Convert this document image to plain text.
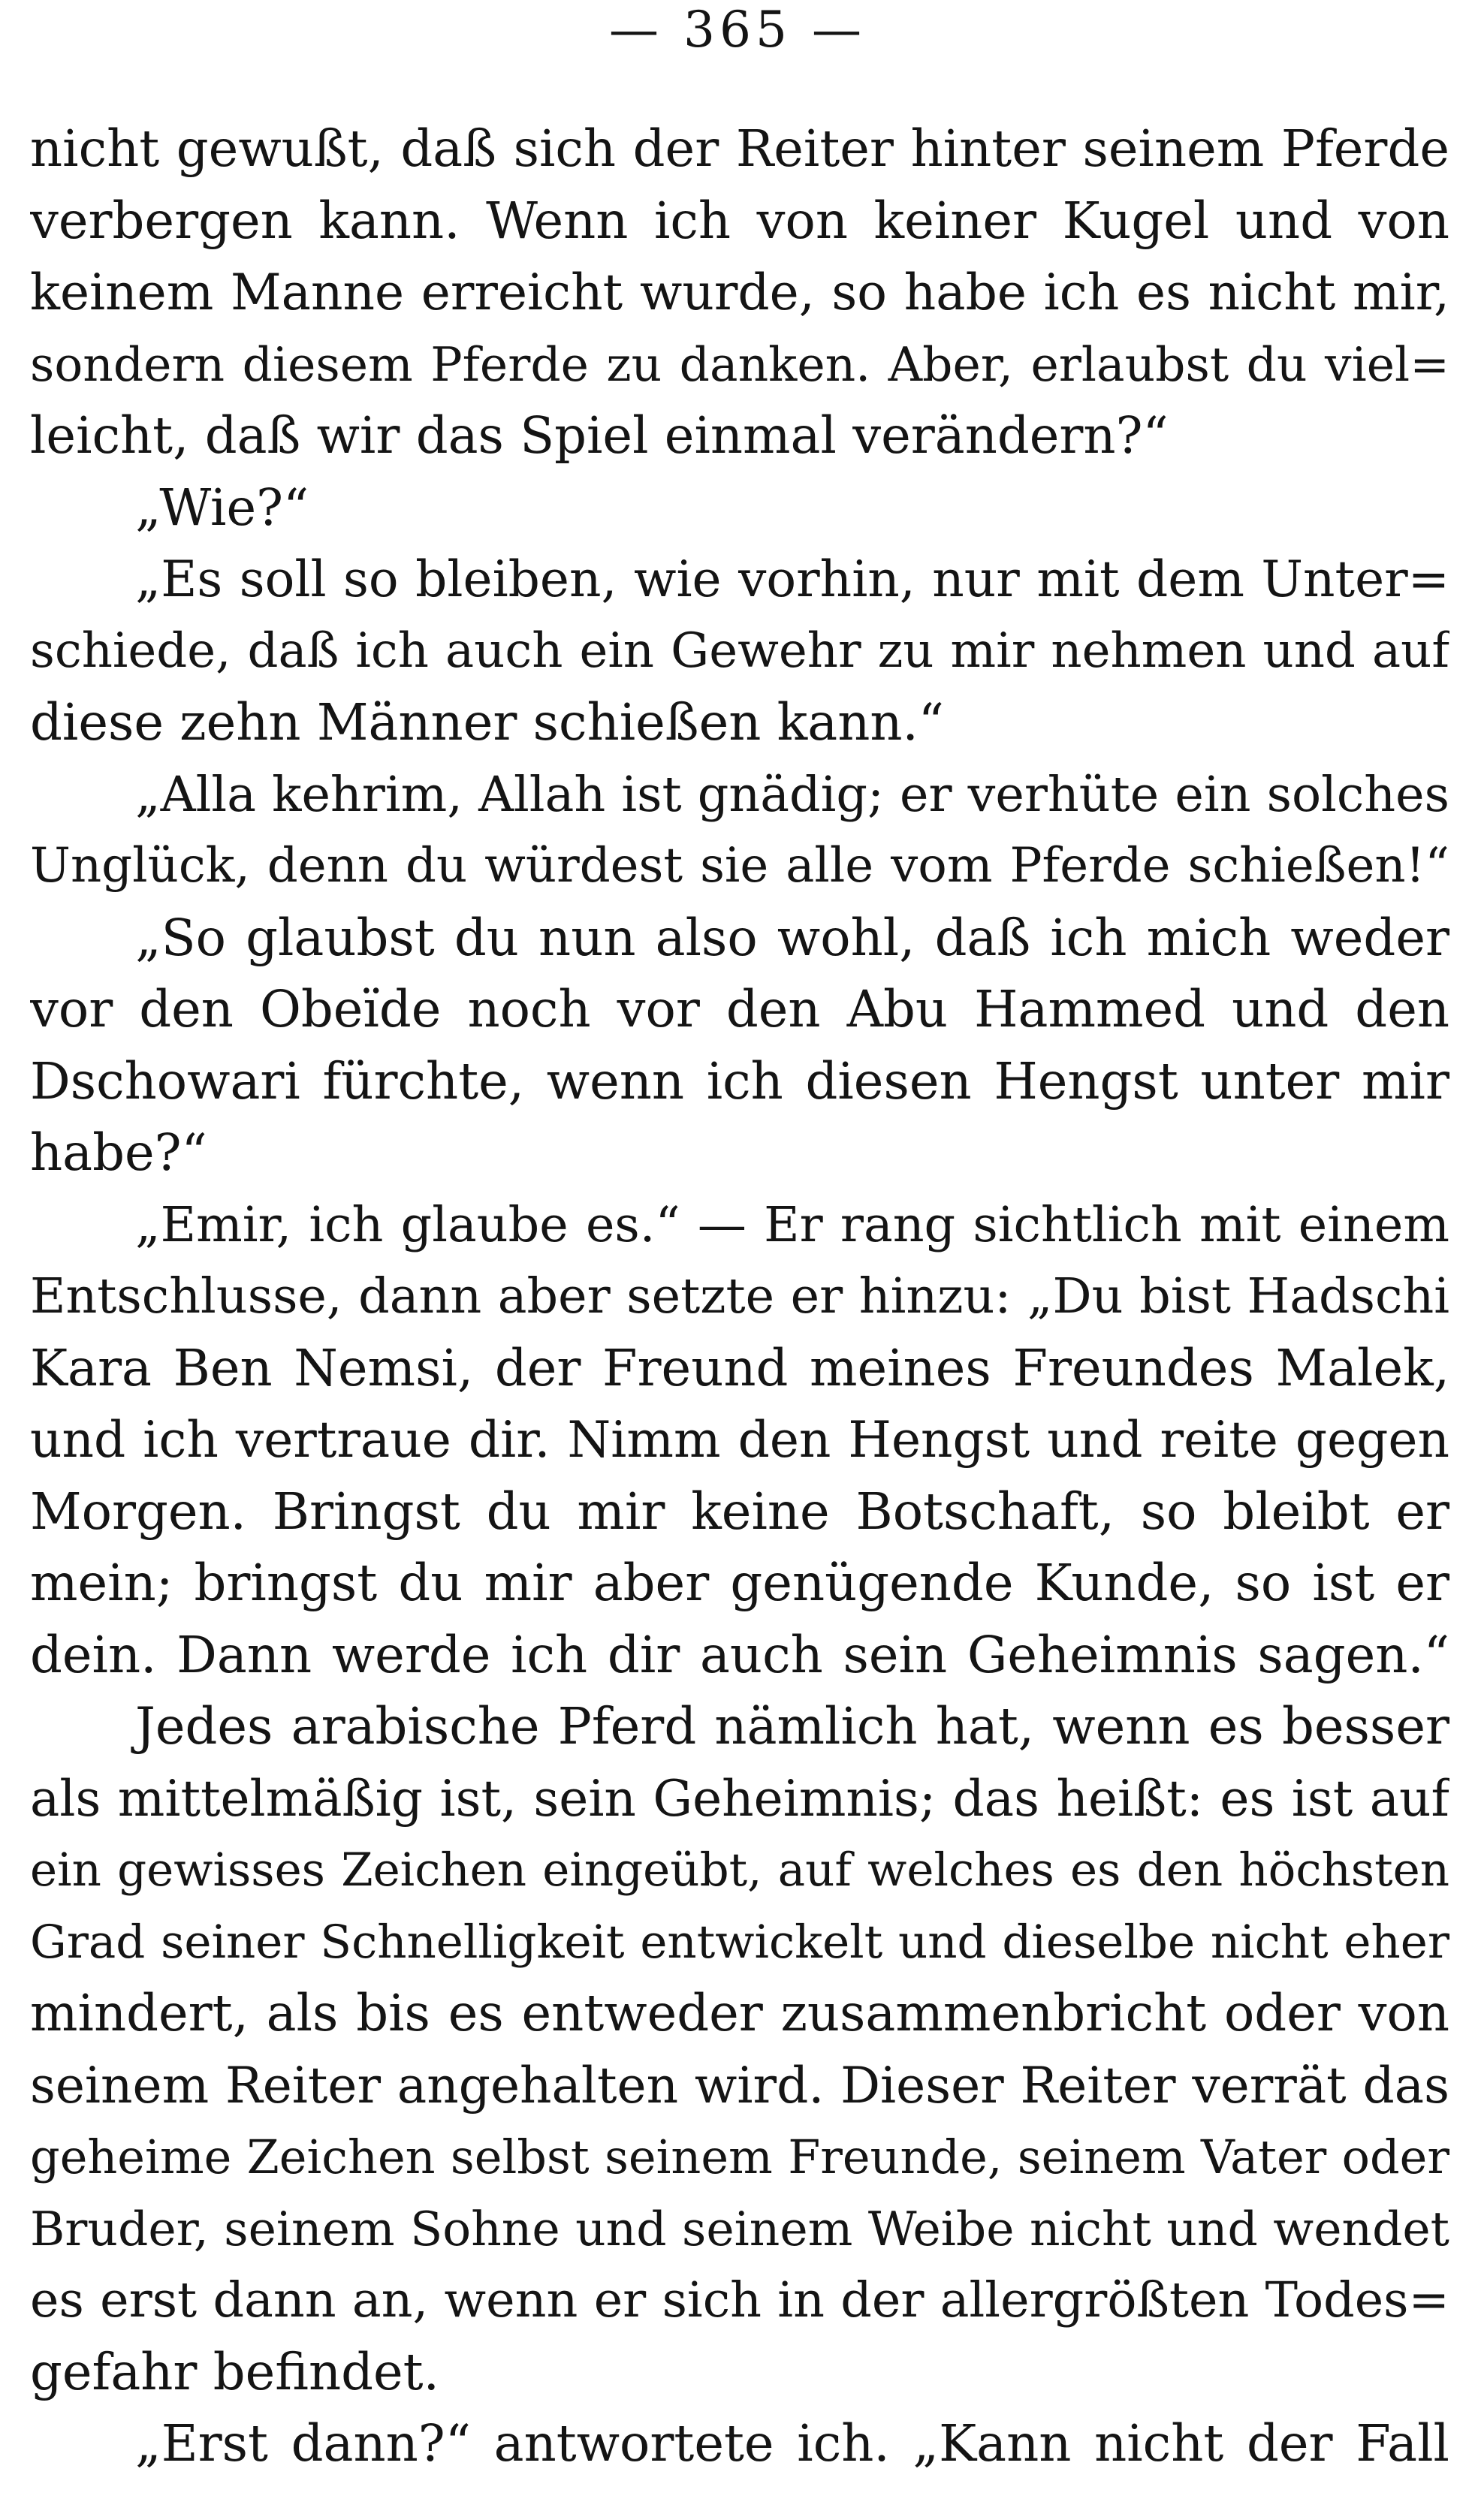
— 365 —
nicht gewußt, daß sich der Reiter hinter seinem Pferde
verbergen kann. Wenn ich von keiner Kugel und von
keinem Manne erreicht wurde, so habe ich es nicht mir,
sondern diesem Pferde zu danken. Aber, erlaubst du viel=
leicht, daß wir das Spiel einmal verändern?“
„Wie?“
„Es soll so bleiben, wie vorhin, nur mit dem Unter=
schiede, daß ich auch ein Gewehr zu mir nehmen und auf
diese zehn Männer schießen kann.“
„Alla kehrim, Allah ist gnädig; er verhüte ein solches
Unglück, denn du würdest sie alle vom Pferde schießen!“
„So glaubst du nun also wohl, daß ich mich weder
vor den Obeïde noch vor den Abu Hammed und den
Dschowari fürchte, wenn ich diesen Hengst unter mir
habe?“
„Emir, ich glaube es.“ — Er rang sichtlich mit einem
Entschlusse, dann aber setzte er hinzu: „Du bist Hadschi
Kara Ben Nemsi, der Freund meines Freundes Malek,
und ich vertraue dir. Nimm den Hengst und reite gegen
Morgen. Bringst du mir keine Botschaft, so bleibt er
mein; bringst du mir aber genügende Kunde, so ist er
dein. Dann werde ich dir auch sein Geheimnis sagen.“
Jedes arabische Pferd nämlich hat, wenn es besser
als mittelmäßig ist, sein Geheimnis; das heißt: es ist auf
ein gewisses Zeichen eingeübt, auf welches es den höchsten
Grad seiner Schnelligkeit entwickelt und dieselbe nicht eher
mindert, als bis es entweder zusammenbricht oder von
seinem Reiter angehalten wird. Dieser Reiter verrät das
geheime Zeichen selbst seinem Freunde, seinem Vater oder
Bruder, seinem Sohne und seinem Weibe nicht und wendet
es erst dann an, wenn er sich in der allergrößten Todes=
gefahr befindet.
„Erst dann?“ antwortete ich. „Kann nicht der Fall
